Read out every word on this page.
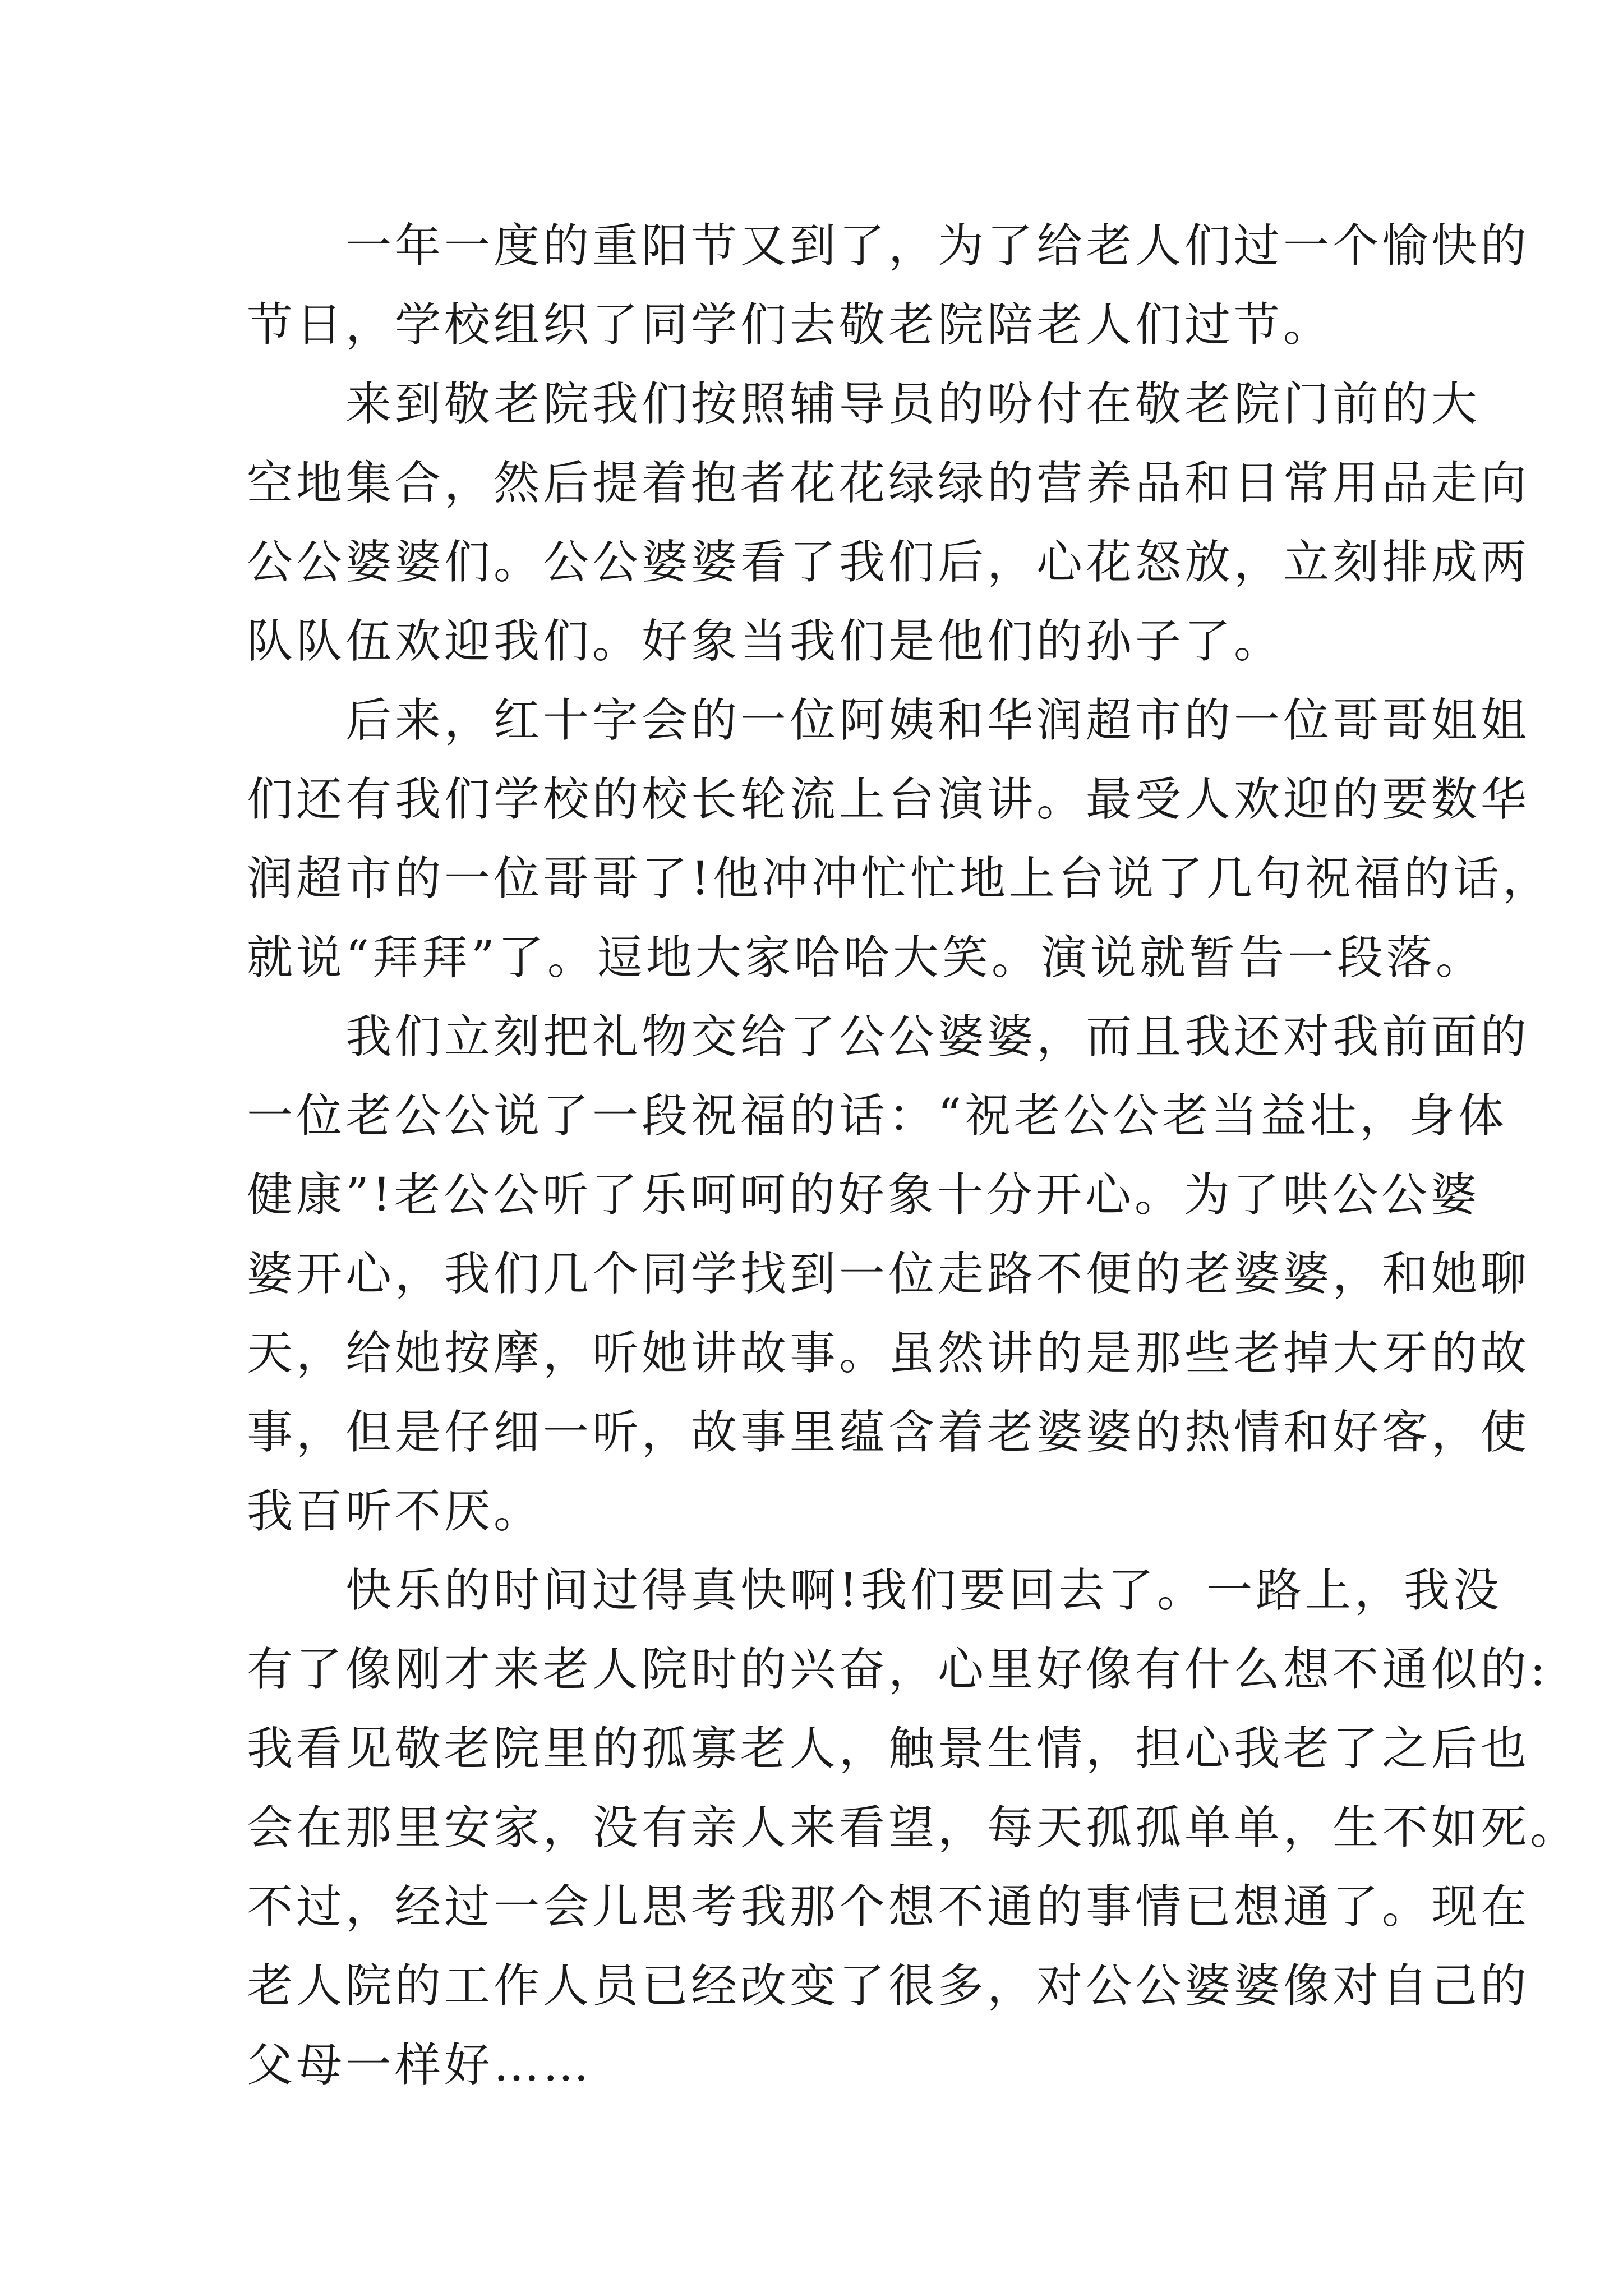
　　一年一度的重阳节又到了，为了给老人们过一个愉快的
节日，学校组织了同学们去敬老院陪老人们过节。
　　来到敬老院我们按照辅导员的吩付在敬老院门前的大
空地集合，然后提着抱者花花绿绿的营养品和日常用品走向
公公婆婆们。公公婆婆看了我们后，心花怒放，立刻排成两
队队伍欢迎我们。好象当我们是他们的孙子了。
　　后来，红十字会的一位阿姨和华润超市的一位哥哥姐姐
们还有我们学校的校长轮流上台演讲。最受人欢迎的要数华
润超市的一位哥哥了!他冲冲忙忙地上台说了几句祝福的话，
就说“拜拜”了。逗地大家哈哈大笑。演说就暂告一段落。
　　我们立刻把礼物交给了公公婆婆，而且我还对我前面的
一位老公公说了一段祝福的话：“祝老公公老当益壮，身体
健康”!老公公听了乐呵呵的好象十分开心。为了哄公公婆
婆开心，我们几个同学找到一位走路不便的老婆婆，和她聊
天，给她按摩，听她讲故事。虽然讲的是那些老掉大牙的故
事，但是仔细一听，故事里蕴含着老婆婆的热情和好客，使
我百听不厌。
　　快乐的时间过得真快啊!我们要回去了。一路上，我没
有了像刚才来老人院时的兴奋，心里好像有什么想不通似的:
我看见敬老院里的孤寡老人，触景生情，担心我老了之后也
会在那里安家，没有亲人来看望，每天孤孤单单，生不如死。
不过，经过一会儿思考我那个想不通的事情已想通了。现在
老人院的工作人员已经改变了很多，对公公婆婆像对自己的
父母一样好……
